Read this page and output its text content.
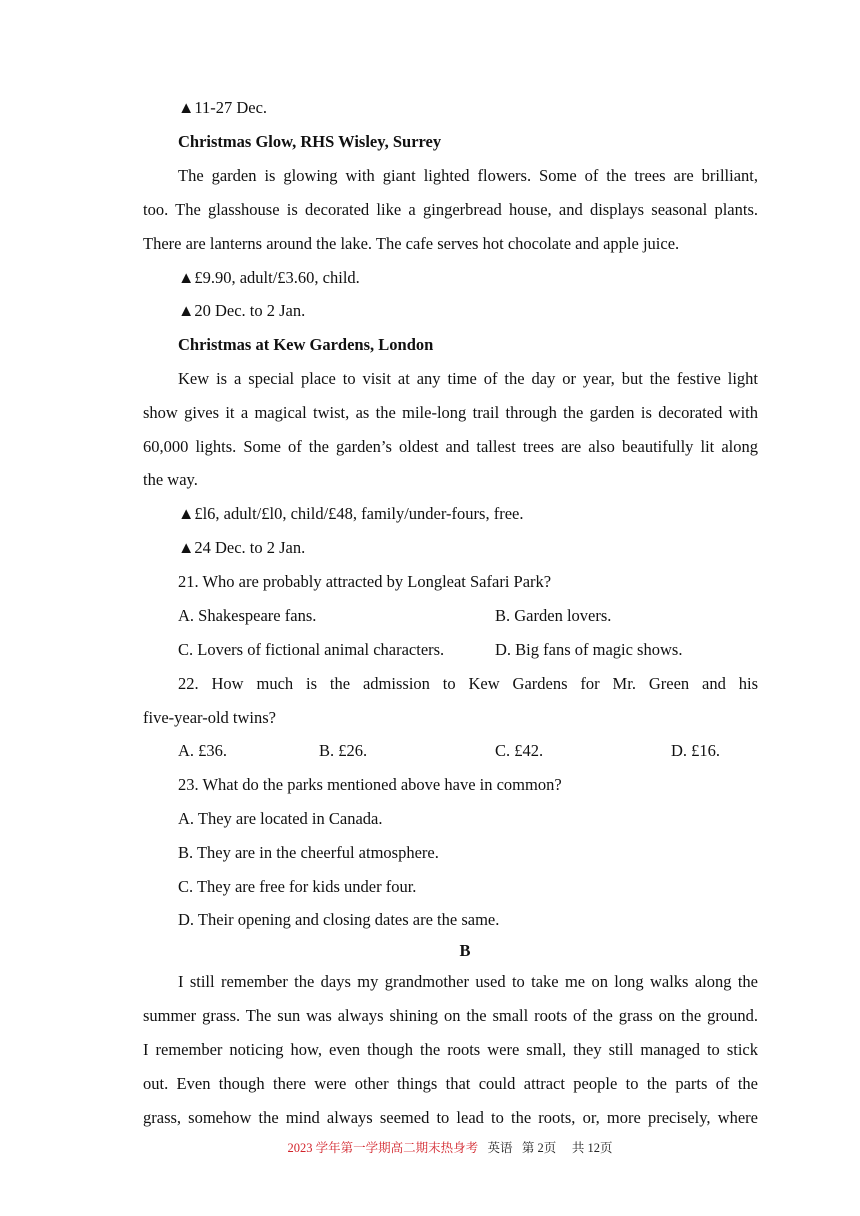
▲11-27 Dec.
Christmas Glow, RHS Wisley, Surrey
The garden is glowing with giant lighted flowers. Some of the trees are brilliant,
too. The glasshouse is decorated like a gingerbread house, and displays seasonal plants.
There are lanterns around the lake. The cafe serves hot chocolate and apple juice.
▲£9.90, adult/£3.60, child.
▲20 Dec. to 2 Jan.
Christmas at Kew Gardens, London
Kew is a special place to visit at any time of the day or year, but the festive light
show gives it a magical twist, as the mile-long trail through the garden is decorated with
60,000 lights. Some of the garden’s oldest and tallest trees are also beautifully lit along
the way.
▲£l6, adult/£l0, child/£48, family/under-fours, free.
▲24 Dec. to 2 Jan.
21. Who are probably attracted by Longleat Safari Park?
A. Shakespeare fans.	B. Garden lovers.
C. Lovers of fictional animal characters.	D. Big fans of magic shows.
22. How much is the admission to Kew Gardens for Mr. Green and his
five-year-old twins?
A. £36.	B. £26.	C. £42.	D. £16.
23. What do the parks mentioned above have in common?
A. They are located in Canada.
B. They are in the cheerful atmosphere.
C. They are free for kids under four.
D. Their opening and closing dates are the same.
B
I still remember the days my grandmother used to take me on long walks along the
summer grass. The sun was always shining on the small roots of the grass on the ground.
I remember noticing how, even though the roots were small, they still managed to stick
out. Even though there were other things that could attract people to the parts of the
grass, somehow the mind always seemed to lead to the roots, or, more precisely, where
2023 学年第一学期高二期末热身考 英语 第 2页 共 12页
